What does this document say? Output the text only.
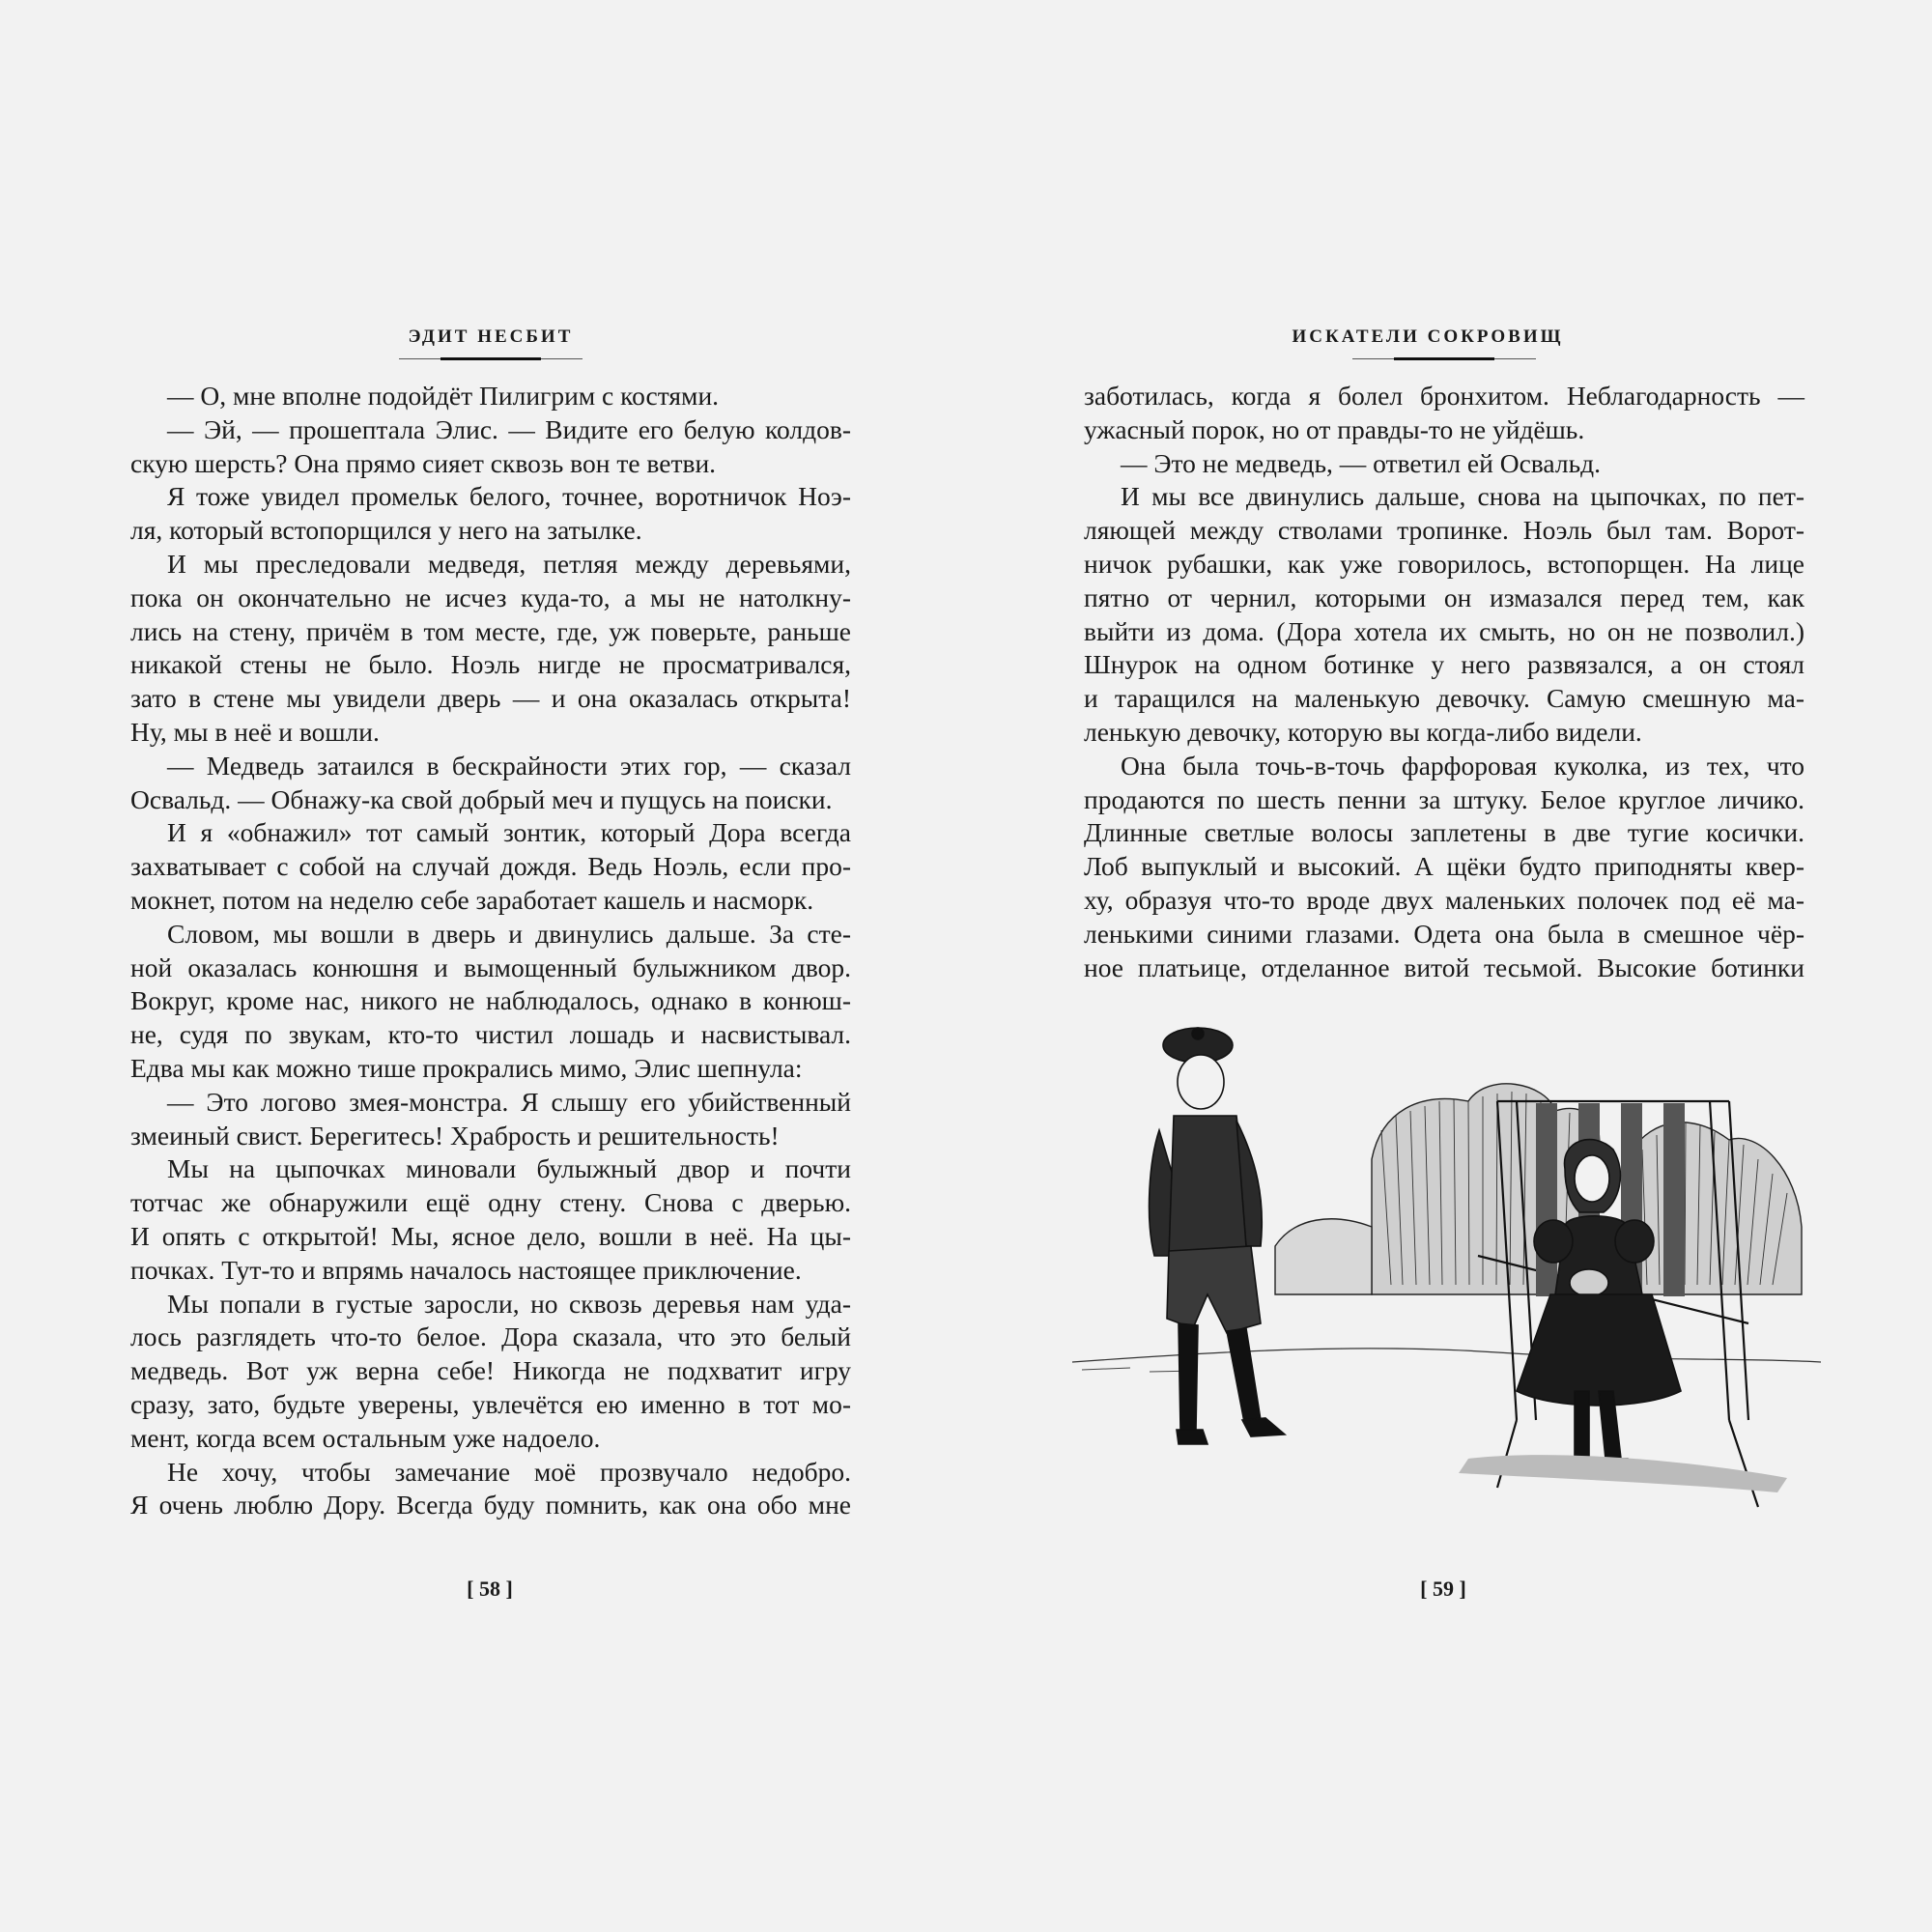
ЭДИТ НЕСБИТ
— О, мне вполне подойдёт Пилигрим с костями.
— Эй, — прошептала Элис. — Видите его белую колдов-
скую шерсть? Она прямо сияет сквозь вон те ветви.
Я тоже увидел промельк белого, точнее, воротничок Ноэ-
ля, который встопорщился у него на затылке.
И мы преследовали медведя, петляя между деревьями,
пока он окончательно не исчез куда-то, а мы не натолкну-
лись на стену, причём в том месте, где, уж поверьте, раньше
никакой стены не было. Ноэль нигде не просматривался,
зато в стене мы увидели дверь — и она оказалась открыта!
Ну, мы в неё и вошли.
— Медведь затаился в бескрайности этих гор, — сказал
Освальд. — Обнажу-ка свой добрый меч и пущусь на поиски.
И я «обнажил» тот самый зонтик, который Дора всегда
захватывает с собой на случай дождя. Ведь Ноэль, если про-
мокнет, потом на неделю себе заработает кашель и насморк.
Словом, мы вошли в дверь и двинулись дальше. За сте-
ной оказалась конюшня и вымощенный булыжником двор.
Вокруг, кроме нас, никого не наблюдалось, однако в конюш-
не, судя по звукам, кто-то чистил лошадь и насвистывал.
Едва мы как можно тише прокрались мимо, Элис шепнула:
— Это логово змея-монстра. Я слышу его убийственный
змеиный свист. Берегитесь! Храбрость и решительность!
Мы на цыпочках миновали булыжный двор и почти
тотчас же обнаружили ещё одну стену. Снова с дверью.
И опять с открытой! Мы, ясное дело, вошли в неё. На цы-
почках. Тут-то и впрямь началось настоящее приключение.
Мы попали в густые заросли, но сквозь деревья нам уда-
лось разглядеть что-то белое. Дора сказала, что это белый
медведь. Вот уж верна себе! Никогда не подхватит игру
сразу, зато, будьте уверены, увлечётся ею именно в тот мо-
мент, когда всем остальным уже надоело.
Не хочу, чтобы замечание моё прозвучало недобро.
Я очень люблю Дору. Всегда буду помнить, как она обо мне
[ 58 ]
ИСКАТЕЛИ СОКРОВИЩ
заботилась, когда я болел бронхитом. Неблагодарность —
ужасный порок, но от правды-то не уйдёшь.
— Это не медведь, — ответил ей Освальд.
И мы все двинулись дальше, снова на цыпочках, по пет-
ляющей между стволами тропинке. Ноэль был там. Ворот-
ничок рубашки, как уже говорилось, встопорщен. На лице
пятно от чернил, которыми он измазался перед тем, как
выйти из дома. (Дора хотела их смыть, но он не позволил.)
Шнурок на одном ботинке у него развязался, а он стоял
и таращился на маленькую девочку. Самую смешную ма-
ленькую девочку, которую вы когда-либо видели.
Она была точь-в-точь фарфоровая куколка, из тех, что
продаются по шесть пенни за штуку. Белое круглое личико.
Длинные светлые волосы заплетены в две тугие косички.
Лоб выпуклый и высокий. А щёки будто приподняты квер-
ху, образуя что-то вроде двух маленьких полочек под её ма-
ленькими синими глазами. Одета она была в смешное чёр-
ное платьице, отделанное витой тесьмой. Высокие ботинки
[ 59 ]
